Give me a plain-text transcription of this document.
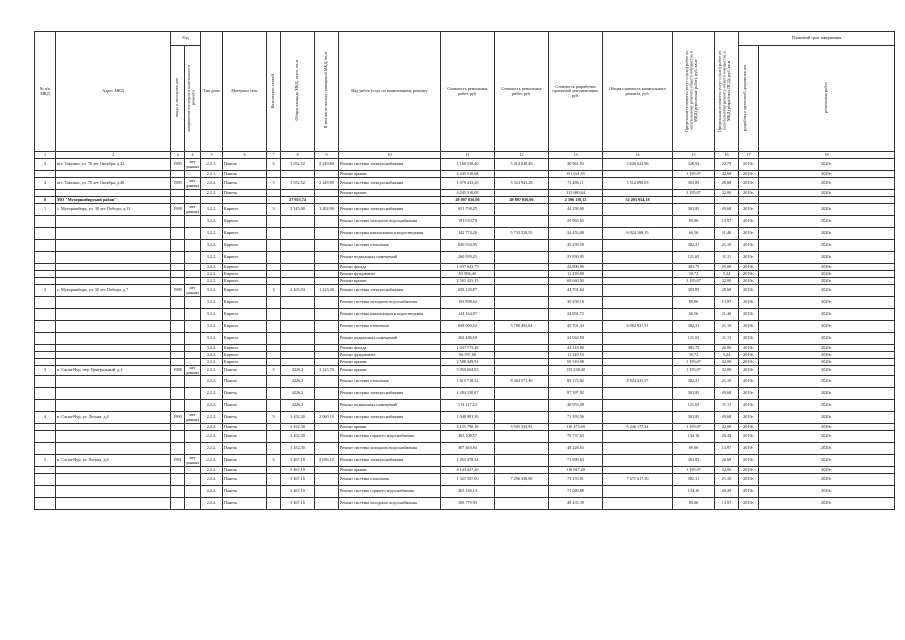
№ п/п МКД	Адрес МКД	Год		Тип дома	Материал стен	Количество этажей	Общая площадь МКД, всего, кв.м	В том числе жилых помещений МКД, кв.м	Вид работ/услуг по капитальному ремонту	Стоимость ремонтных работ, руб.	Стоимость ремонтных работ, руб.	Стоимость разработки проектной документации, руб.	Общая стоимость капитального ремонта, руб.	Предельная стоимость услуг и (или) работ по капитальному ремонту общего имущества в МКД (ремонтных работ), руб./кв.м	Предельная стоимость услуг и (или) работ по капитальному ремонту общего имущества в МКД (разработка ПСД), руб./кв.м	Плановый срок завершения	
		ввода в эксплуатацию	завершения последнего капитального ремонта													разработки проектной документации	ремонтных работ

1	2	3	4	5	6	7	8	9	10	11	12	13	14	15	16	17	18
3	пгт. Таксимо, ул. 70 лет Октября, д.42	1989	нет данных	2.2.1.	Панель	5	3 552,52	2 249,80	Ремонт системы электроснабжения	1 168 530,40	5 414 040,48	30 961,93	5 646 623,96	328,93	22,79	2019г.	2020г.
				2.2.1.	Панель				Ремонт крыши	4 245 510,08		151 621,55		1 195,07	42,68	2019г.	2020г.
4	пгт. Таксимо, ул. 70 лет Октября, д.46	1989	нет данных	2.2.2.	Панель	5	3 552,52	2 249,80	Ремонт системы электроснабжения	1 079 433,20	5 324 943,28	73 486,11	5 512 090,03	303,85	20,68	2019г.	2020г.
				2.2.2.	Панель				Ремонт крыши	4 245 510,08		113 680,64		1 195,07	32,00	2019г.	2020г.
8	МО "Мухоршибирский район"						27 953,74			49 807 836,06	49 807 836,06	2 396 118,12	52 203 954,18				
1	с. Мухоршибирь, ул. 30 лет Победы, д.13	1988	нет данных	3.2.2.	Кирпич	3	2 145,00	1 202,90	Ремонт системы электроснабжения	651 758,25		44 358,60		303,85	20,68	2019г.	2020г.
				3.2.2.	Кирпич				Ремонт системы холодного водоснабжения	191 033,70		29 965,65		89,06	13,97	2019г.	2020г.
				3.2.2.	Кирпич				Ремонт системы канализации и водоотведения	142 774,20	5 733 520,55	24 453,00	6 024 168,15	66,56	11,40	2019г.	2020г.
				3.2.2.	Кирпич				Ремонт системы отопления	820 054,95		45 259,50		382,31	21,10	2019г.	2020г.
				3.2.2.	Кирпич				Ремонт подвальных помещений	260 939,25		23 830,95		121,65	11,11	2019г.	2020г.
				3.2.2.	Кирпич				Ремонт фасада	1 037 643,75		42 900,00		483,75	20,00	2019г.	2020г.
				3.2.2.	Кирпич				Ремонт фундамента	65 894,40		11 239,80		30,72	5,24	2019г.	2020г.
				3.2.2.	Кирпич				Ремонт крыши	2 563 425,15		68 640,00		1 195,07	32,00	2019г.	2020г.
2	с. Мухоршибирь, ул. 30 лет Победы, д.7	1980	нет данных	3.2.2.	Кирпич	3	2 165,94	1 223,00	Ремонт системы электроснабжения	658 120,87		44 791,64		303,85	20,68	2019г.	2020г.
				3.2.2.	Кирпич				Ремонт системы холодного водоснабжения	192 898,62		30 258,18		89,06	13,97	2019г.	2020г.
				3.2.2.	Кирпич				Ремонт системы канализации и водоотведения	144 164,97		24 691,72		66,56	11,40	2019г.	2020г.
				3.2.2.	Кирпич				Ремонт системы отопления	828 060,52	5 789 492,64	45 701,33	6 082 937,51	382,31	21,10	2019г.	2020г.
				3.2.2.	Кирпич				Ремонт подвальных помещений	263 486,60		24 063,59		121,65	11,11	2019г.	2020г.
				3.2.2.	Кирпич				Ремонт фасада	1 047 773,48		43 318,80		483,75	20,00	2019г.	2020г.
				3.2.2.	Кирпич				Ремонт фундамента	66 537,68		11 349,53		30,72	5,24	2019г.	2020г.
				3.2.2.	Кирпич				Ремонт крыши	2 588 449,92		69 310,08		1 195,07	32,00	2019г.	2020г.
3	п. Саган-Нур, пер. Центральный, д.2	1988	нет данных	2.2.2.	Панель	5	4226,2	3 123,70	Ремонт крыши	5 050 604,83		135 238,40		1 195,07	32,00	2019г.	2020г.
				2.2.2.	Панель		4226,2		Ремонт системы отопления	1 615 718,52	8 464 571,46	89 172,82	8 823 333,57	382,31	21,10	2019г.	2020г.
				2.2.2.	Панель		4226,2		Ремонт системы электроснабжения	1 284 130,87		87 397,82		303,85	20,68	2019г.	2020г.
				2.2.2.	Панель		4226,2		Ремонт подвальных помещений	514 117,23		46 953,08		121,65	11,11	2019г.	2020г.
4	п. Саган-Нур, ул. Лесная, д.4	1990	нет данных	2.2.2.	Панель	5	3 452,30	2 060,10	Ремонт системы электроснабжения	1 048 981,36		71 393,56		303,85	20,68	2019г.	2020г.
				2.2.2.	Панель		3 452,30		Ремонт крыши	4 125 790,16	5 945 343,92	110 473,60	6 246 177,34	1 195,07	32,00	2019г.	2020г.
				2.2.2.	Панель		3 452,30		Ремонт системы горячего водоснабжения	463 108,57		70 737,63		134,16	20,49	2019г.	2020г.
				2.2.2.	Панель		3 452,30		Ремонт системы холодного водоснабжения	307 463,84		48 228,63		89,06	13,97	2019г.	2020г.
5	п. Саган-Нур, ул. Лесная, д.6	1991	нет данных	2.2.2.	Панель	5	3 467,10	2 056,10	Ремонт системы электроснабжения	1 053 478,34		71 699,63		303,85	20,68	2019г.	2020г.
				2.2.2.	Панель		3 467,10		Ремонт крыши	4 143 427,20		110 947,20		1 195,07	32,00	2019г.	2020г.
				2.2.2.	Панель		3 467,10		Ремонт системы отопления	1 325 507,00	7 296 338,90	73 155,81	7 671 617,50	382,31	21,10	2019г.	2020г.
				2.2.2.	Панель		3 467,10		Ремонт системы горячего водоснабжения	465 146,14		71 040,88		134,16	20,49	2019г.	2020г.
				2.2.2.	Панель		3 467,10		Ремонт системы холодного водоснабжения	308 779,93		48 435,39		89,06	13,97	2019г.	2020г.
